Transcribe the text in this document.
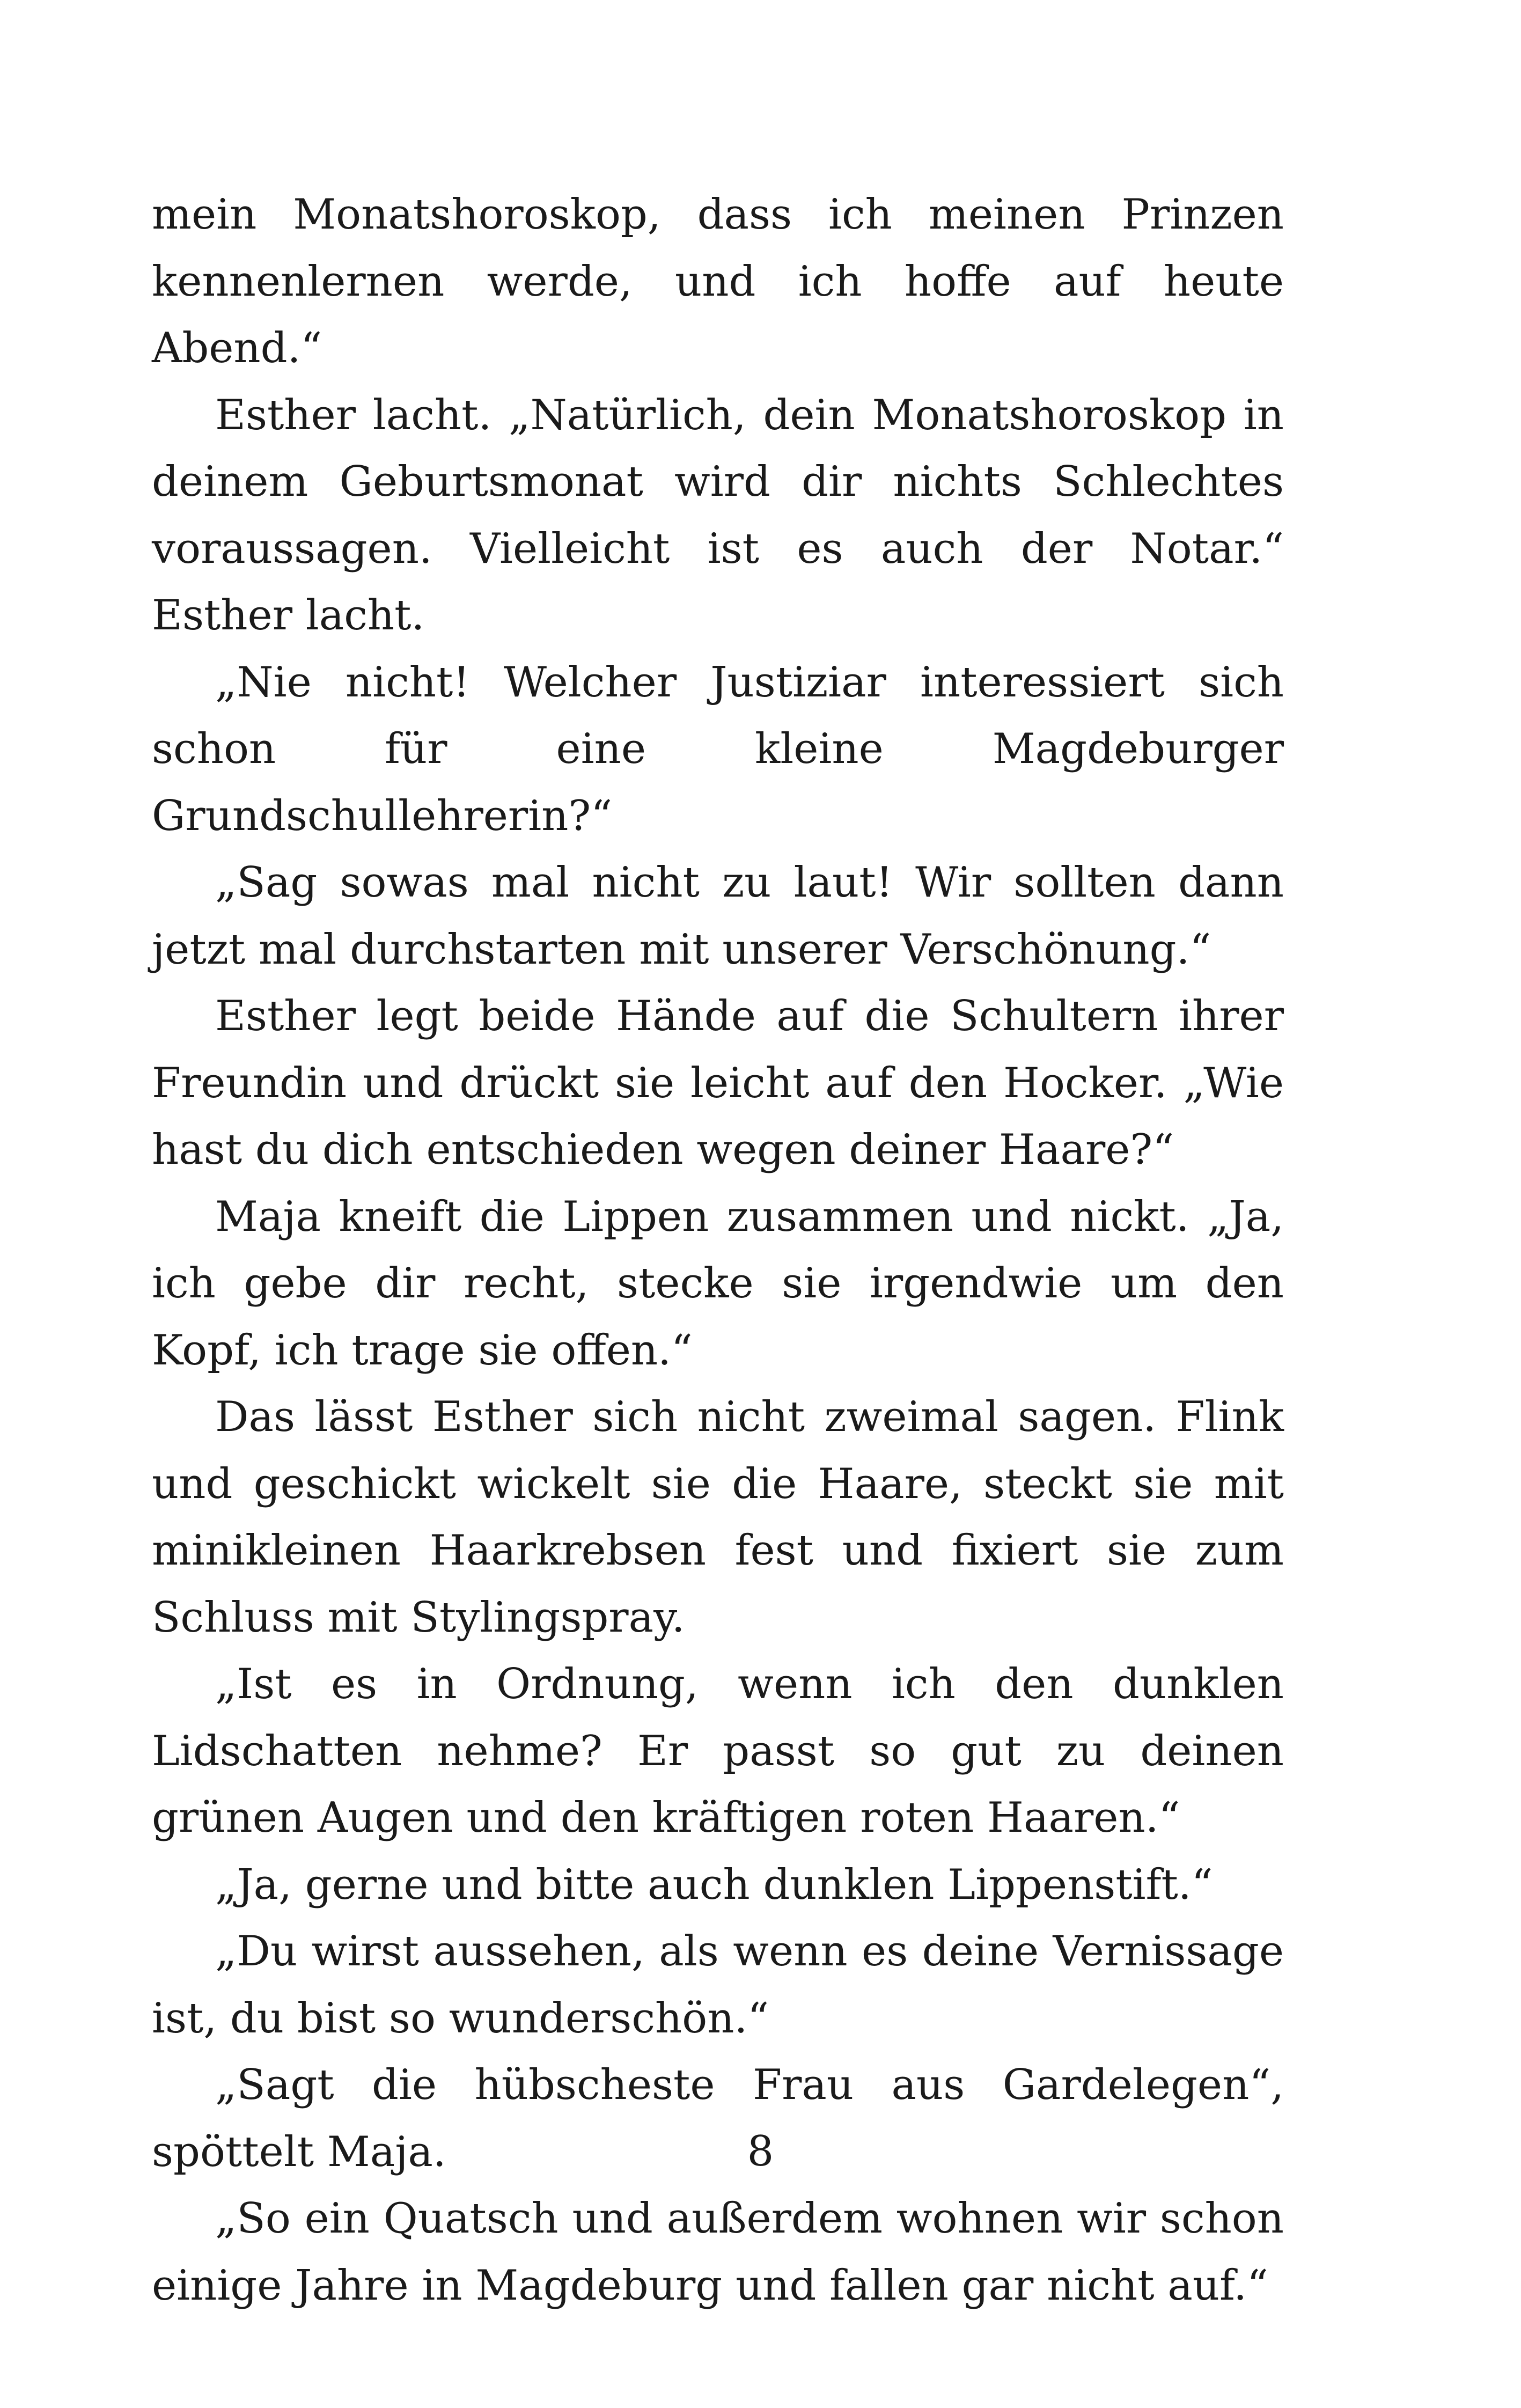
mein Monatshoroskop, dass ich meinen Prinzen kennenlernen werde, und ich hoffe auf heute Abend.“

Esther lacht. „Natürlich, dein Monatshoroskop in deinem Geburtsmonat wird dir nichts Schlechtes voraussagen. Vielleicht ist es auch der Notar.“ Esther lacht.

„Nie nicht! Welcher Justiziar interessiert sich schon für eine kleine Magdeburger Grundschullehrerin?“

„Sag sowas mal nicht zu laut! Wir sollten dann jetzt mal durchstarten mit unserer Verschönung.“

Esther legt beide Hände auf die Schultern ihrer Freundin und drückt sie leicht auf den Hocker. „Wie hast du dich entschieden wegen deiner Haare?“

Maja kneift die Lippen zusammen und nickt. „Ja, ich gebe dir recht, stecke sie irgendwie um den Kopf, ich trage sie offen.“

Das lässt Esther sich nicht zweimal sagen. Flink und geschickt wickelt sie die Haare, steckt sie mit minikleinen Haarkrebsen fest und fixiert sie zum Schluss mit Stylingspray.

„Ist es in Ordnung, wenn ich den dunklen Lidschatten nehme? Er passt so gut zu deinen grünen Augen und den kräftigen roten Haaren.“

„Ja, gerne und bitte auch dunklen Lippenstift.“

„Du wirst aussehen, als wenn es deine Vernissage ist, du bist so wunderschön.“

„Sagt die hübscheste Frau aus Gardelegen“, spöttelt Maja.

„So ein Quatsch und außerdem wohnen wir schon einige Jahre in Magdeburg und fallen gar nicht auf.“

8
